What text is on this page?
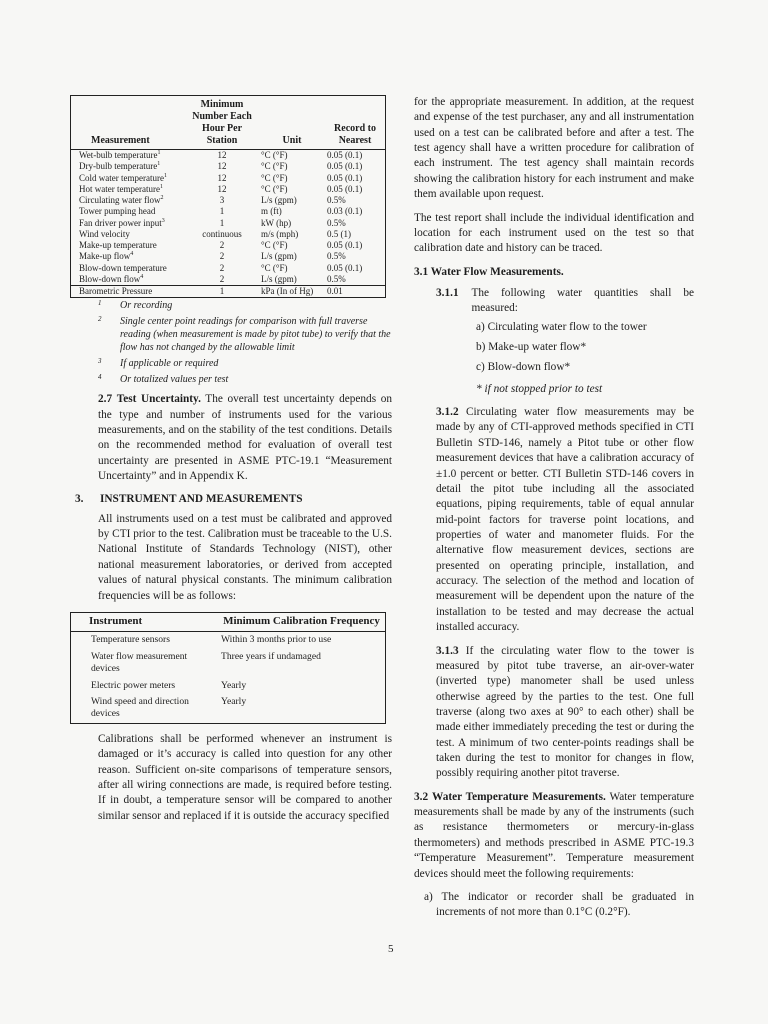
Measurement	Minimum Number Each Hour Per Station	Unit	Record to Nearest
Wet-bulb temperature$^1$	12	°C (°F)	0.05 (0.1)
Dry-bulb temperature$^1$	12	°C (°F)	0.05 (0.1)
Cold water temperature$^1$	12	°C (°F)	0.05 (0.1)
Hot water temperature$^1$	12	°C (°F)	0.05 (0.1)
Circulating water flow$^2$	3	L/s (gpm)	0.5%
Tower pumping head	1	m (ft)	0.03 (0.1)
Fan driver power input$^3$	1	kW (hp)	0.5%
Wind velocity	continuous	m/s (mph)	0.5 (1)
Make-up temperature	2	°C (°F)	0.05 (0.1)
Make-up flow$^4$	2	L/s (gpm)	0.5%
Blow-down temperature	2	°C (°F)	0.05 (0.1)
Blow-down flow$^4$	2	L/s (gpm)	0.5%
Barometric Pressure	1	kPa (In of Hg)	0.01
1	Or recording
2	Single center point readings for comparison with full traverse reading (when measurement is made by pitot tube) to verify that the flow has not changed by the allowable limit
3	If applicable or required
4	Or totalized values per test

2.7 Test Uncertainty. The overall test uncertainty depends on the type and number of instruments used for the various measurements, and on the stability of the test conditions. Details on the recommended method for evaluation of overall test uncertainty are presented in ASME PTC-19.1 “Measurement Uncertainty” and in Appendix K.

3.	INSTRUMENT AND MEASUREMENTS

All instruments used on a test must be calibrated and approved by CTI prior to the test. Calibration must be traceable to the U.S. National Institute of Standards Technology (NIST), other national measurement laboratories, or derived from accepted values of natural physical constants. The minimum calibration frequencies will be as follows:

Instrument	Minimum Calibration Frequency
Temperature sensors	Within 3 months prior to use
Water flow measurement devices	Three years if undamaged
Electric power meters	Yearly
Wind speed and direction devices	Yearly

Calibrations shall be performed whenever an instrument is damaged or it’s accuracy is called into question for any other reason. Sufficient on-site comparisons of temperature sensors, after all wiring connections are made, is required before testing. If in doubt, a temperature sensor will be compared to another similar sensor and replaced if it is outside the accuracy specified

for the appropriate measurement. In addition, at the request and expense of the test purchaser, any and all instrumentation used on a test can be calibrated before and after a test. The test agency shall have a written procedure for calibration of each instrument. The test agency shall maintain records showing the calibration history for each instrument and make them available upon request.

The test report shall include the individual identification and location for each instrument used on the test so that calibration date and history can be traced.

3.1 Water Flow Measurements.
3.1.1	The following water quantities shall be measured:
a) Circulating water flow to the tower
b) Make-up water flow*
c) Blow-down flow*
* if not stopped prior to test

3.1.2 Circulating water flow measurements may be made by any of CTI-approved methods specified in CTI Bulletin STD-146, namely a Pitot tube or other flow measurement devices that have a calibration accuracy of ±1.0 percent or better. CTI Bulletin STD-146 covers in detail the pitot tube including all the associated equations, piping requirements, table of equal annular mid-point factors for traverse point locations, and properties of water and manometer fluids. For the alternative flow measurement devices, sections are presented on operating principle, installation, and accuracy. The selection of the method and location of measurement will be dependent upon the nature of the installation to be tested and may decrease the actual installed accuracy.

3.1.3 If the circulating water flow to the tower is measured by pitot tube traverse, an air-over-water (inverted type) manometer shall be used unless otherwise agreed by the parties to the test. One full traverse (along two axes at 90° to each other) shall be made either immediately preceding the test or during the test. A minimum of two center-points readings shall be taken during the test to monitor for changes in flow, possibly requiring another pitot traverse.

3.2 Water Temperature Measurements. Water temperature measurements shall be made by any of the instruments (such as resistance thermometers or mercury-in-glass thermometers) and methods prescribed in ASME PTC-19.3 “Temperature Measurement”. Temperature measurement devices should meet the following requirements:

a) The indicator or recorder shall be graduated in increments of not more than 0.1°C (0.2°F).

5
